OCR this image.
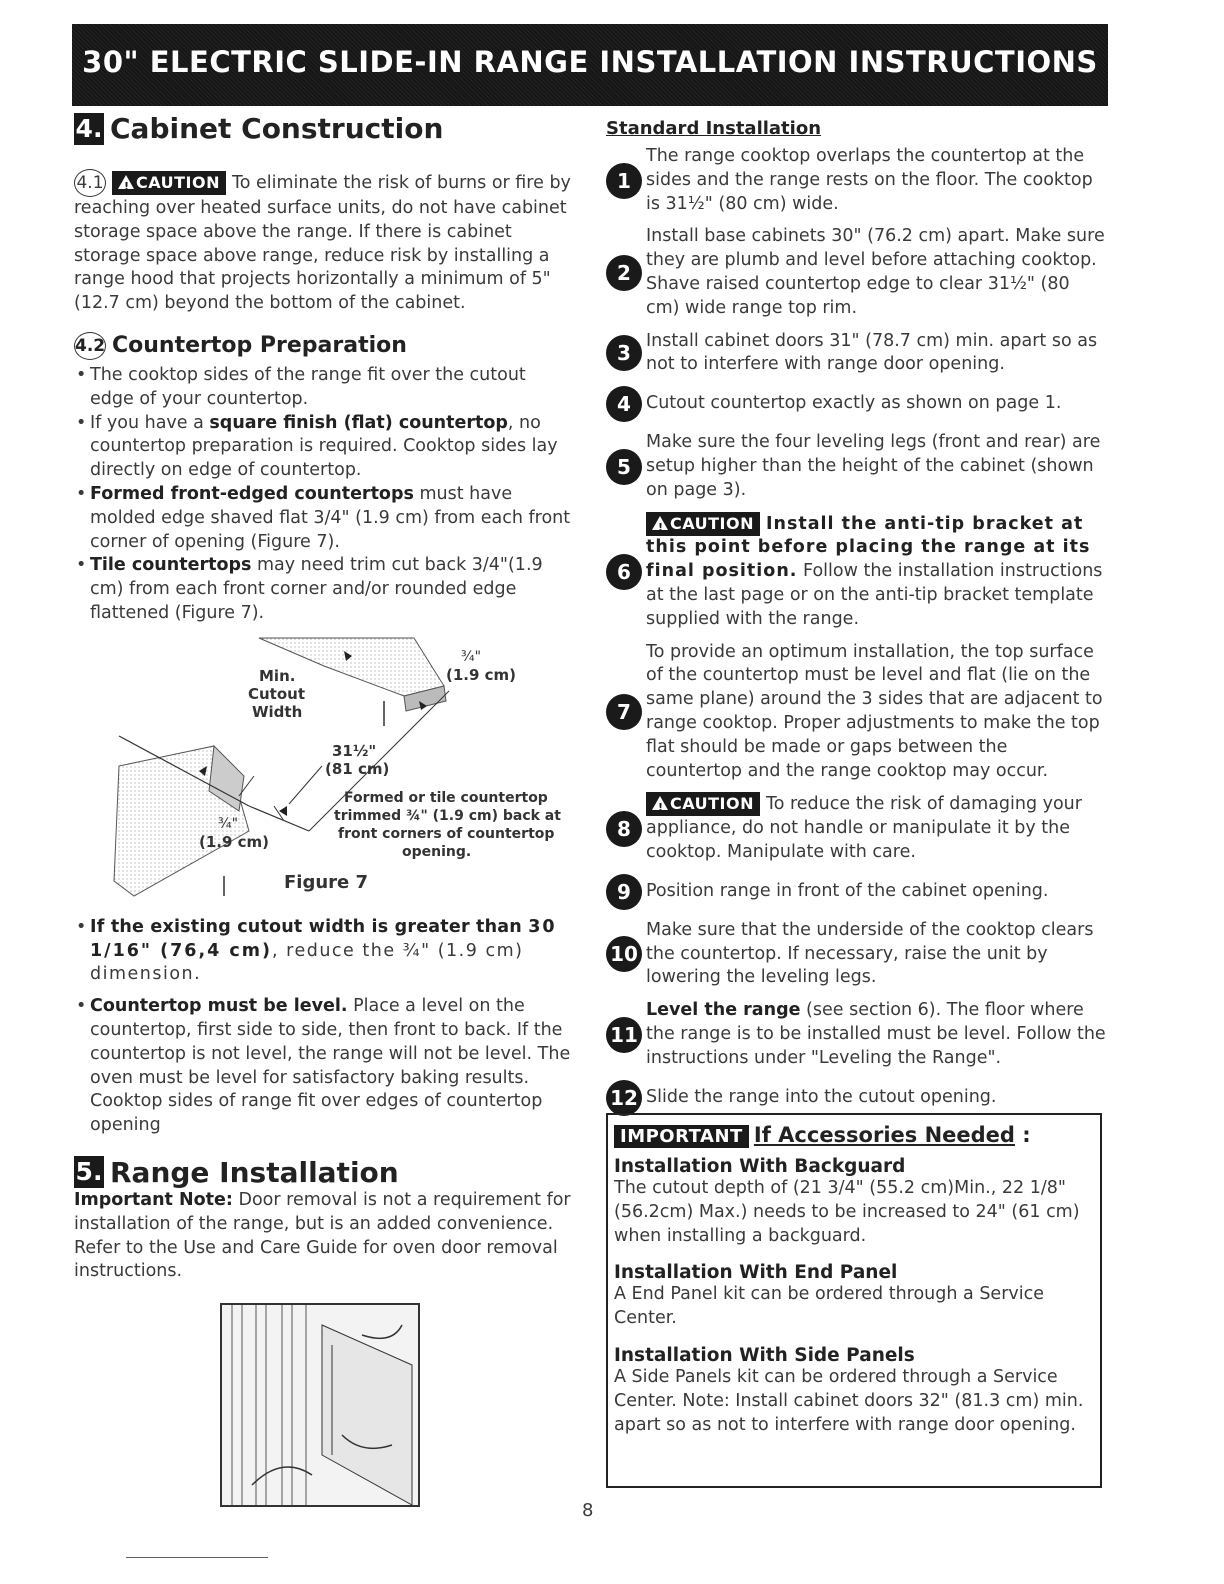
30" ELECTRIC SLIDE-IN RANGE INSTALLATION INSTRUCTIONS
4. Cabinet Construction

4.1! CAUTION To eliminate the risk of burns or fire by reaching over heated surface units, do not have cabinet storage space above the range. If there is cabinet storage space above range, reduce risk by installing a range hood that projects horizontally a minimum of 5" (12.7 cm) beyond the bottom of the cabinet.

4.2 Countertop Preparation
• The cooktop sides of the range fit over the cutout edge of your countertop.
• If you have a square finish (flat) countertop, no countertop preparation is required. Cooktop sides lay directly on edge of countertop.
• Formed front-edged countertops must have molded edge shaved flat 3/4" (1.9 cm) from each front corner of opening (Figure 7).
• Tile countertops may need trim cut back 3/4"(1.9 cm) from each front corner and/or rounded edge flattened (Figure 7).
Min.
Cutout
Width
¾"
(1.9 cm)
31½"
(81 cm)
¾"
(1.9 cm)
Formed or tile countertop
trimmed ¾" (1.9 cm) back at
front corners of countertop
opening.
Figure 7
• If the existing cutout width is greater than 30 1/16" (76,4 cm), reduce the ¾" (1.9 cm) dimension.
• Countertop must be level. Place a level on the countertop, first side to side, then front to back. If the countertop is not level, the range will not be level. The oven must be level for satisfactory baking results. Cooktop sides of range fit over edges of countertop opening
5. Range Installation

Important Note: Door removal is not a requirement for installation of the range, but is an added convenience. Refer to the Use and Care Guide for oven door removal instructions.

Standard Installation
1
The range cooktop overlaps the countertop at the sides and the range rests on the floor. The cooktop is 31½" (80 cm) wide.
2
Install base cabinets 30" (76.2 cm) apart. Make sure they are plumb and level before attaching cooktop. Shave raised countertop edge to clear 31½" (80 cm) wide range top rim.
3
Install cabinet doors 31" (78.7 cm) min. apart so as not to interfere with range door opening.
4 Cutout countertop exactly as shown on page 1.
5
Make sure the four leveling legs (front and rear) are setup higher than the height of the cabinet (shown on page 3).
6
!CAUTION Install the anti-tip bracket at this point before placing the range at its final position. Follow the installation instructions at the last page or on the anti-tip bracket template supplied with the range.
7
To provide an optimum installation, the top surface of the countertop must be level and flat (lie on the same plane) around the 3 sides that are adjacent to range cooktop. Proper adjustments to make the top flat should be made or gaps between the countertop and the range cooktop may occur.
8
!CAUTION To reduce the risk of damaging your appliance, do not handle or manipulate it by the cooktop. Manipulate with care.
9 Position range in front of the cabinet opening.
10
Make sure that the underside of the cooktop clears the countertop. If necessary, raise the unit by lowering the leveling legs.
11
Level the range (see section 6). The floor where the range is to be installed must be level. Follow the instructions under "Leveling the Range".
12 Slide the range into the cutout opening.
IMPORTANT If Accessories Needed :
Installation With Backguard

The cutout depth of (21 3/4" (55.2 cm)Min., 22 1/8" (56.2cm) Max.) needs to be increased to 24" (61 cm) when installing a backguard.

Installation With End Panel

A End Panel kit can be ordered through a Service Center.

Installation With Side Panels

A Side Panels kit can be ordered through a Service Center. Note: Install cabinet doors 32" (81.3 cm) min. apart so as not to interfere with range door opening.

8
